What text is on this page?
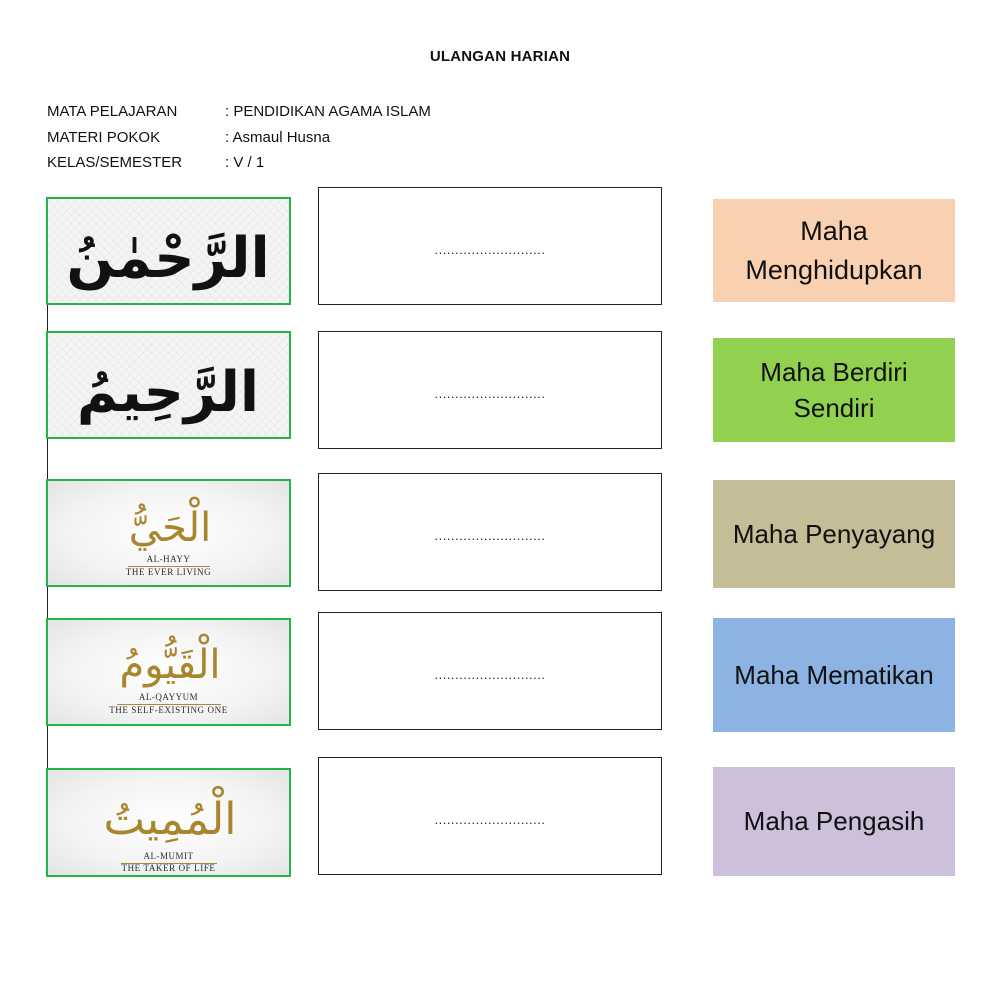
ULANGAN HARIAN
MATA PELAJARAN	: PENDIDIKAN AGAMA ISLAM
MATERI POKOK	: Asmaul Husna
KELAS/SEMESTER	: V / 1
الرَّحْمٰنُ
الرَّحِيمُ
الْحَيُّ
AL-HAYY
THE EVER LIVING
الْقَيُّومُ
AL-QAYYUM
THE SELF-EXISTING ONE
الْمُمِيتُ
AL-MUMIT
THE TAKER OF LIFE
...........................
...........................
...........................
...........................
...........................
Maha Menghidupkan
Maha Berdiri Sendiri
Maha Penyayang
Maha Mematikan
Maha Pengasih
